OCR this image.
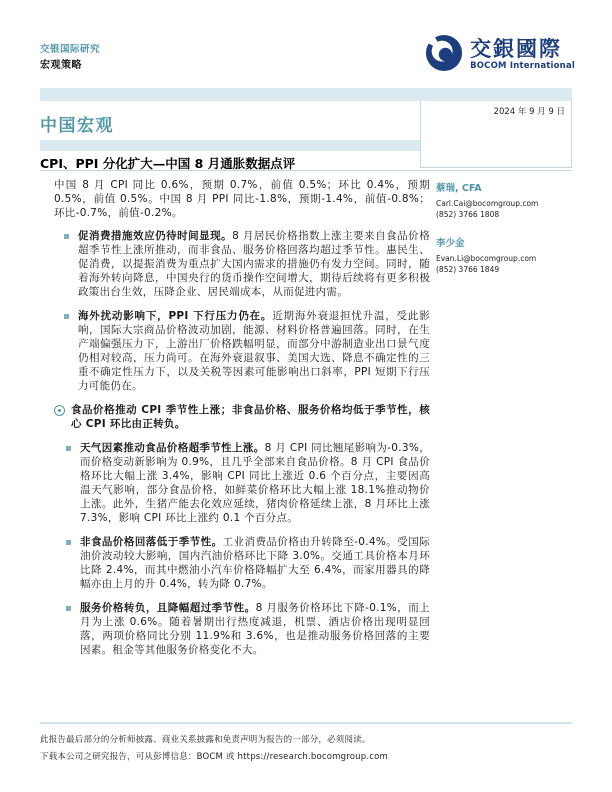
交银国际研究
宏观策略
交銀國際
BOCOM International
2024 年 9 月 9 日
中国宏观
CPI、PPI 分化扩大—中国 8 月通胀数据点评

中国 8 月 CPI 同比 0.6%，预期 0.7%，前值 0.5%；环比 0.4%，预期 0.5%，前值 0.5%。中国 8 月 PPI 同比-1.8%，预期-1.4%，前值-0.8%；环比-0.7%，前值-0.2%。

促消费措施效应仍待时间显现。8 月居民价格指数上涨主要来自食品价格超季节性上涨所推动，而非食品、服务价格回落均超过季节性。惠民生、促消费，以提振消费为重点扩大国内需求的措施仍有发力空间。同时，随着海外转向降息，中国央行的货币操作空间增大，期待后续将有更多积极政策出台生效，压降企业、居民端成本，从而促进内需。
海外扰动影响下，PPI 下行压力仍在。近期海外衰退担忧升温，受此影响，国际大宗商品价格波动加剧，能源、材料价格普遍回落。同时，在生产端偏强压力下，上游出厂价格跌幅明显，而部分中游制造业出口景气度仍相对较高，压力尚可。在海外衰退叙事、美国大选、降息不确定性的三重不确定性压力下，以及关税等因素可能影响出口斜率，PPI 短期下行压力可能仍在。
食品价格推动 CPI 季节性上涨；非食品价格、服务价格均低于季节性，核心 CPI 环比由正转负。
天气因素推动食品价格超季节性上涨。8 月 CPI 同比翘尾影响为-0.3%，而价格变动新影响为 0.9%，且几乎全部来自食品价格。8 月 CPI 食品价格环比大幅上涨 3.4%，影响 CPI 同比上涨近 0.6 个百分点，主要因高温天气影响，部分食品价格，如鲜菜价格环比大幅上涨 18.1%推动物价上涨。此外，生猪产能去化效应延续，猪肉价格延续上涨，8 月环比上涨 7.3%，影响 CPI 环比上涨约 0.1 个百分点。
非食品价格回落低于季节性。工业消费品价格由升转降至-0.4%。受国际油价波动较大影响，国内汽油价格环比下降 3.0%。交通工具价格本月环比降 2.4%，而其中燃油小汽车价格降幅扩大至 6.4%，而家用器具的降幅亦由上月的升 0.4%，转为降 0.7%。
服务价格转负，且降幅超过季节性。8 月服务价格环比下降-0.1%，而上月为上涨 0.6%。随着暑期出行热度减退，机票、酒店价格出现明显回落，两项价格同比分别 11.9%和 3.6%，也是推动服务价格回落的主要因素。租金等其他服务价格变化不大。
蔡瑞, CFA
Carl.Cai@bocomgroup.com
(852) 3766 1808
李少金
Evan.Li@bocomgroup.com
(852) 3766 1849
此报告最后部分的分析师披露、商业关系披露和免责声明为报告的一部分，必须阅读。
下载本公司之研究报告，可从彭博信息：BOCM 或 https://research.bocomgroup.com
